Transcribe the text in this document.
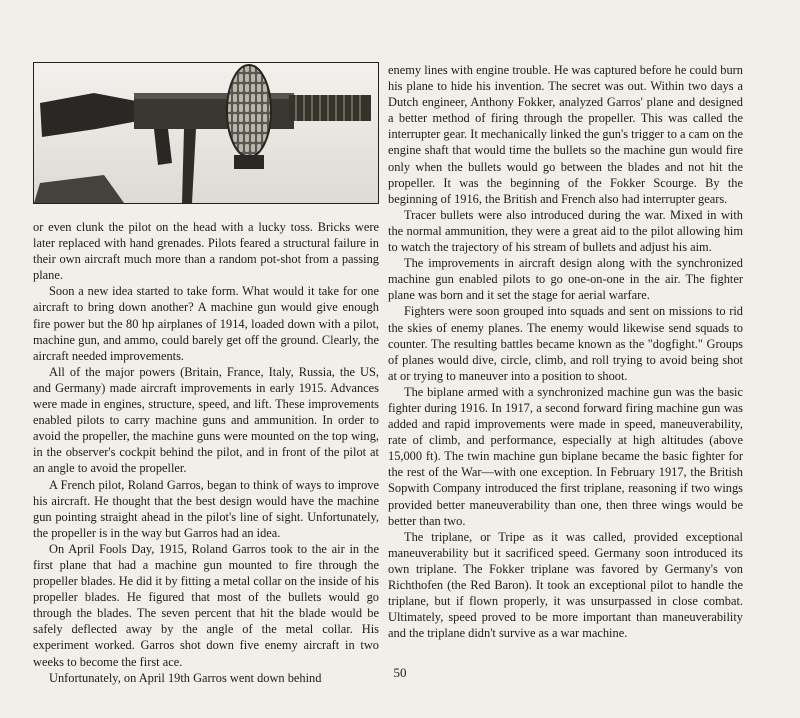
or even clunk the pilot on the head with a lucky toss. Bricks were later replaced with hand grenades. Pilots feared a structural failure in their own aircraft much more than a random pot-shot from a passing plane.

Soon a new idea started to take form. What would it take for one aircraft to bring down another? A machine gun would give enough fire power but the 80 hp airplanes of 1914, loaded down with a pilot, machine gun, and ammo, could barely get off the ground. Clearly, the aircraft needed improvements.

All of the major powers (Britain, France, Italy, Russia, the US, and Germany) made aircraft improvements in early 1915. Advances were made in engines, structure, speed, and lift. These improvements enabled pilots to carry machine guns and ammunition. In order to avoid the propeller, the machine guns were mounted on the top wing, in the observer's cockpit behind the pilot, and in front of the pilot at an angle to avoid the propeller.

A French pilot, Roland Garros, began to think of ways to improve his aircraft. He thought that the best design would have the machine gun pointing straight ahead in the pilot's line of sight. Unfortunately, the propeller is in the way but Garros had an idea.

On April Fools Day, 1915, Roland Garros took to the air in the first plane that had a machine gun mounted to fire through the propeller blades. He did it by fitting a metal collar on the inside of his propeller blades. He figured that most of the bullets would go through the blades. The seven percent that hit the blade would be safely deflected away by the angle of the metal collar. His experiment worked. Garros shot down five enemy aircraft in two weeks to become the first ace.

Unfortunately, on April 19th Garros went down behind

enemy lines with engine trouble. He was captured before he could burn his plane to hide his invention. The secret was out. Within two days a Dutch engineer, Anthony Fokker, analyzed Garros' plane and designed a better method of firing through the propeller. This was called the interrupter gear. It mechanically linked the gun's trigger to a cam on the engine shaft that would time the bullets so the machine gun would fire only when the bullets would go between the blades and not hit the propeller. It was the beginning of the Fokker Scourge. By the beginning of 1916, the British and French also had interrupter gears.

Tracer bullets were also introduced during the war. Mixed in with the normal ammunition, they were a great aid to the pilot allowing him to watch the trajectory of his stream of bullets and adjust his aim.

The improvements in aircraft design along with the synchronized machine gun enabled pilots to go one-on-one in the air. The fighter plane was born and it set the stage for aerial warfare.

Fighters were soon grouped into squads and sent on missions to rid the skies of enemy planes. The enemy would likewise send squads to counter. The resulting battles became known as the "dogfight." Groups of planes would dive, circle, climb, and roll trying to avoid being shot at or trying to maneuver into a position to shoot.

The biplane armed with a synchronized machine gun was the basic fighter during 1916. In 1917, a second forward firing machine gun was added and rapid improvements were made in speed, maneuverability, rate of climb, and performance, especially at high altitudes (above 15,000 ft). The twin machine gun biplane became the basic fighter for the rest of the War—with one exception. In February 1917, the British Sopwith Company introduced the first triplane, reasoning if two wings provided better maneuverability than one, then three wings would be better than two.

The triplane, or Tripe as it was called, provided exceptional maneuverability but it sacrificed speed. Germany soon introduced its own triplane. The Fokker triplane was favored by Germany's von Richthofen (the Red Baron). It took an exceptional pilot to handle the triplane, but if flown properly, it was unsurpassed in close combat. Ultimately, speed proved to be more important than maneuverability and the triplane didn't survive as a war machine.

50
